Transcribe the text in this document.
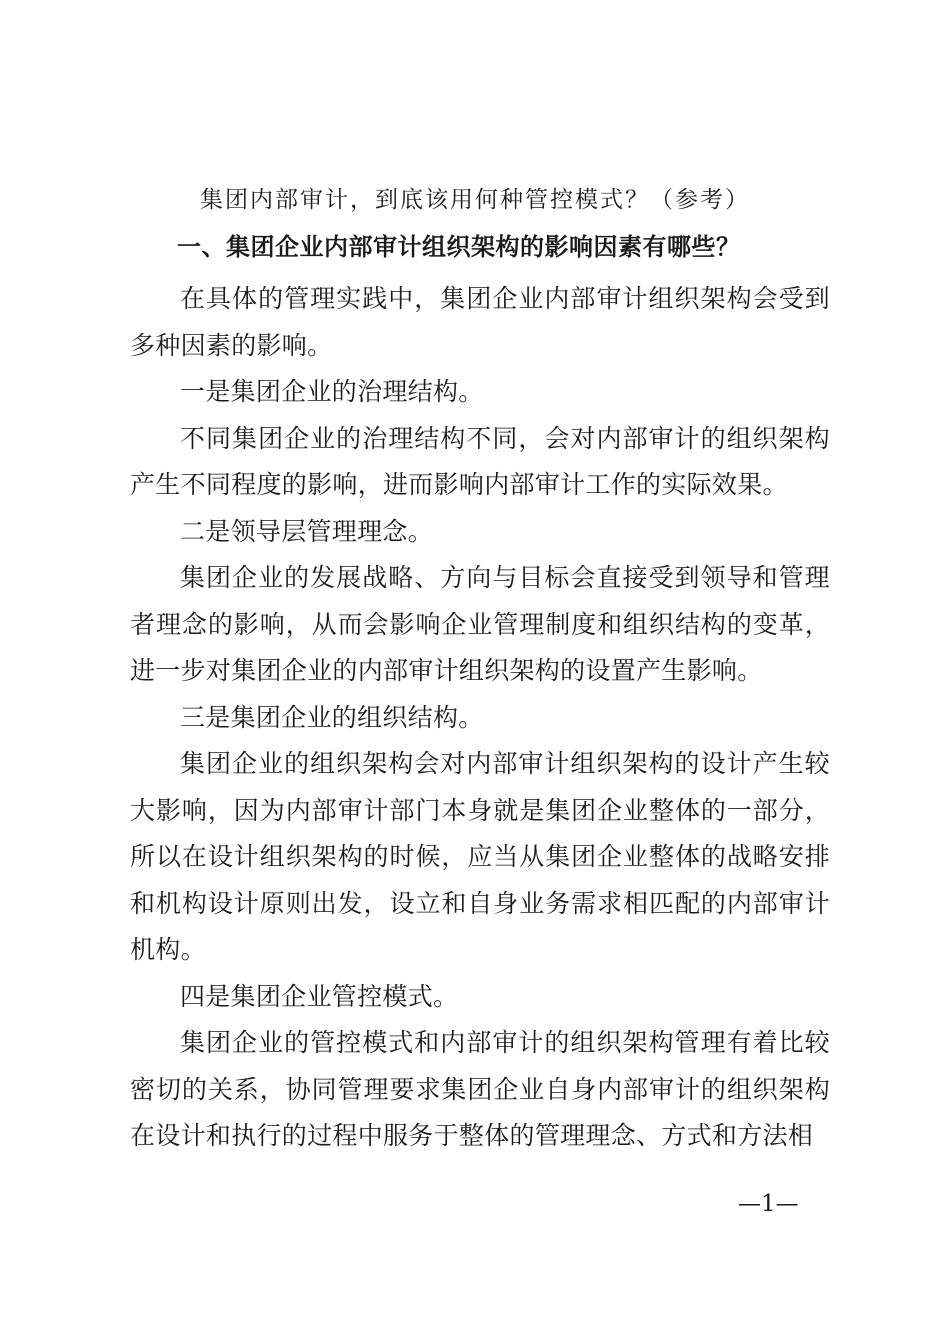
集团内部审计，到底该用何种管控模式？（参考）
一、集团企业内部审计组织架构的影响因素有哪些？

在具体的管理实践中，集团企业内部审计组织架构会受到多种因素的影响。

一是集团企业的治理结构。

不同集团企业的治理结构不同，会对内部审计的组织架构产生不同程度的影响，进而影响内部审计工作的实际效果。

二是领导层管理理念。

集团企业的发展战略、方向与目标会直接受到领导和管理者理念的影响，从而会影响企业管理制度和组织结构的变革，进一步对集团企业的内部审计组织架构的设置产生影响。

三是集团企业的组织结构。

集团企业的组织架构会对内部审计组织架构的设计产生较大影响，因为内部审计部门本身就是集团企业整体的一部分，所以在设计组织架构的时候，应当从集团企业整体的战略安排和机构设计原则出发，设立和自身业务需求相匹配的内部审计机构。

四是集团企业管控模式。

集团企业的管控模式和内部审计的组织架构管理有着比较密切的关系，协同管理要求集团企业自身内部审计的组织架构在设计和执行的过程中服务于整体的管理理念、方式和方法相

—1—
